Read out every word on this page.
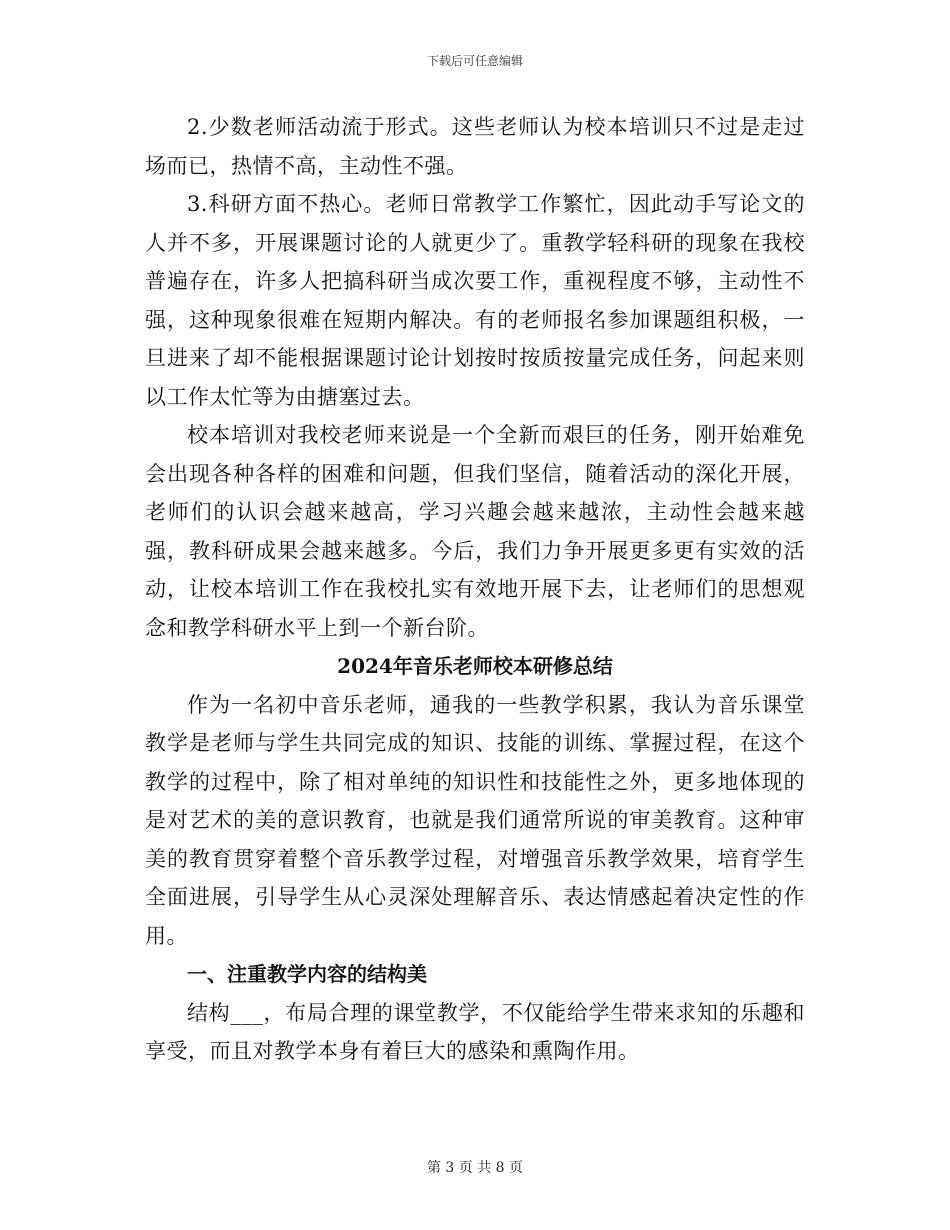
下载后可任意编辑

2.少数老师活动流于形式。这些老师认为校本培训只不过是走过场而已，热情不高，主动性不强。

3.科研方面不热心。老师日常教学工作繁忙，因此动手写论文的人并不多，开展课题讨论的人就更少了。重教学轻科研的现象在我校普遍存在，许多人把搞科研当成次要工作，重视程度不够，主动性不强，这种现象很难在短期内解决。有的老师报名参加课题组积极，一旦进来了却不能根据课题讨论计划按时按质按量完成任务，问起来则以工作太忙等为由搪塞过去。

校本培训对我校老师来说是一个全新而艰巨的任务，刚开始难免会出现各种各样的困难和问题，但我们坚信，随着活动的深化开展，老师们的认识会越来越高，学习兴趣会越来越浓，主动性会越来越强，教科研成果会越来越多。今后，我们力争开展更多更有实效的活动，让校本培训工作在我校扎实有效地开展下去，让老师们的思想观念和教学科研水平上到一个新台阶。

2024年音乐老师校本研修总结

作为一名初中音乐老师，通我的一些教学积累，我认为音乐课堂教学是老师与学生共同完成的知识、技能的训练、掌握过程，在这个教学的过程中，除了相对单纯的知识性和技能性之外，更多地体现的是对艺术的美的意识教育，也就是我们通常所说的审美教育。这种审美的教育贯穿着整个音乐教学过程，对增强音乐教学效果，培育学生全面进展，引导学生从心灵深处理解音乐、表达情感起着决定性的作用。

一、注重教学内容的结构美

结构___，布局合理的课堂教学，不仅能给学生带来求知的乐趣和享受，而且对教学本身有着巨大的感染和熏陶作用。

第 3 页 共 8 页
